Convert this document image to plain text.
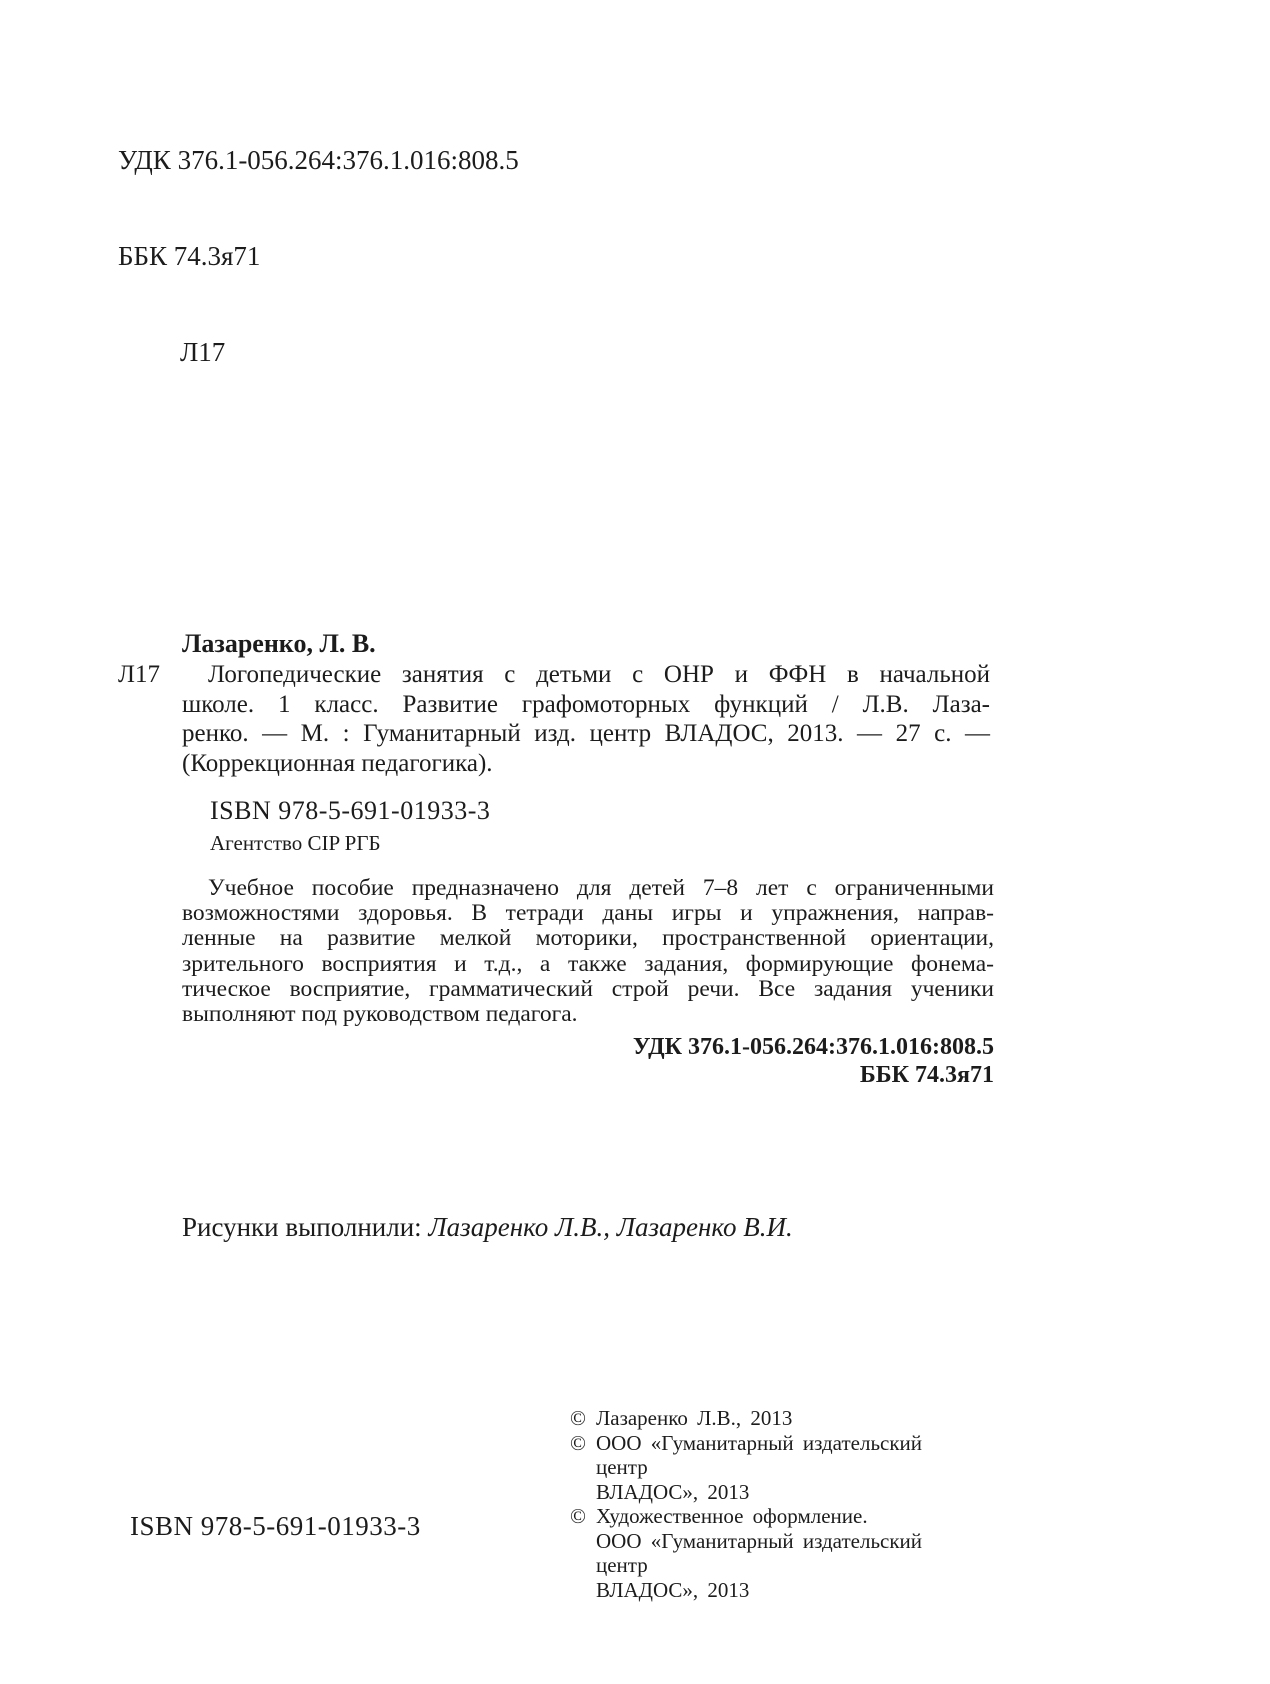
УДК 376.1-056.264:376.1.016:808.5

ББК 74.3я71

Л17

Лазаренко, Л. В.
Л17	Логопедические занятия с детьми с ОНР и ФФН в начальной
школе. 1 класс. Развитие графомоторных функций / Л.В. Лаза-
ренко. — М. : Гуманитарный изд. центр ВЛАДОС, 2013. — 27 с. —
(Коррекционная педагогика).
ISBN 978-5-691-01933-3
Агентство CIP РГБ
Учебное пособие предназначено для детей 7–8 лет с ограниченными
возможностями здоровья. В тетради даны игры и упражнения, направ-
ленные на развитие мелкой моторики, пространственной ориентации,
зрительного восприятия и т.д., а также задания, формирующие фонема-
тическое восприятие, грамматический строй речи. Все задания ученики
выполняют под руководством педагога.
УДК 376.1-056.264:376.1.016:808.5
ББК 74.3я71
Рисунки выполнили: Лазаренко Л.В., Лазаренко В.И.
© Лазаренко Л.В., 2013
© ООО «Гуманитарный издательский центр
ВЛАДОС», 2013
© Художественное оформление.
ООО «Гуманитарный издательский центр
ВЛАДОС», 2013
ISBN 978-5-691-01933-3
